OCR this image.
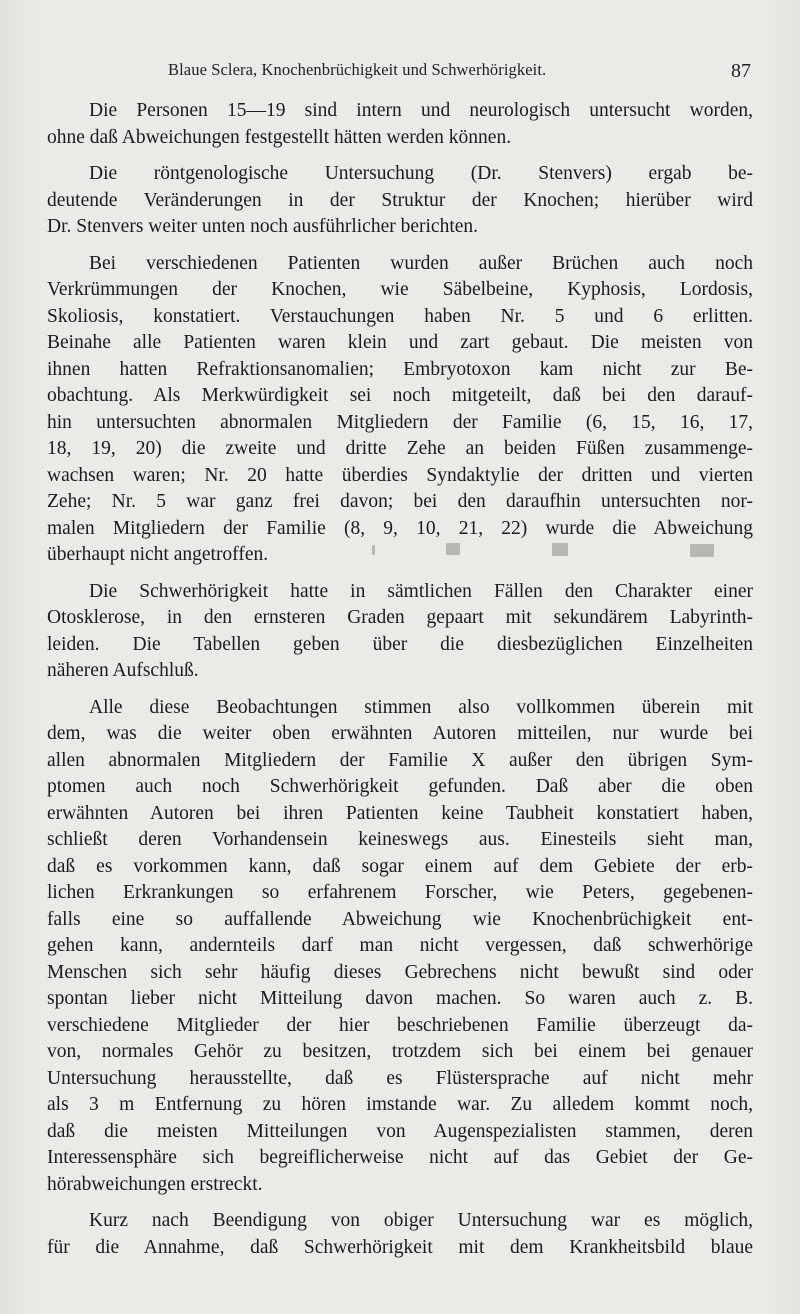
Blaue Sclera, Knochenbrüchigkeit und Schwerhörigkeit.	87

Die Personen 15—19 sind intern und neurologisch untersucht worden,
ohne daß Abweichungen festgestellt hätten werden können.

Die röntgenologische Untersuchung (Dr. Stenvers) ergab be-
deutende Veränderungen in der Struktur der Knochen; hierüber wird
Dr. Stenvers weiter unten noch ausführlicher berichten.

Bei verschiedenen Patienten wurden außer Brüchen auch noch
Verkrümmungen der Knochen, wie Säbelbeine, Kyphosis, Lordosis,
Skoliosis, konstatiert. Verstauchungen haben Nr. 5 und 6 erlitten.
Beinahe alle Patienten waren klein und zart gebaut. Die meisten von
ihnen hatten Refraktionsanomalien; Embryotoxon kam nicht zur Be-
obachtung. Als Merkwürdigkeit sei noch mitgeteilt, daß bei den darauf-
hin untersuchten abnormalen Mitgliedern der Familie (6, 15, 16, 17,
18, 19, 20) die zweite und dritte Zehe an beiden Füßen zusammenge-
wachsen waren; Nr. 20 hatte überdies Syndaktylie der dritten und vierten
Zehe; Nr. 5 war ganz frei davon; bei den daraufhin untersuchten nor-
malen Mitgliedern der Familie (8, 9, 10, 21, 22) wurde die Abweichung
überhaupt nicht angetroffen.

Die Schwerhörigkeit hatte in sämtlichen Fällen den Charakter einer
Otosklerose, in den ernsteren Graden gepaart mit sekundärem Labyrinth-
leiden. Die Tabellen geben über die diesbezüglichen Einzelheiten
näheren Aufschluß.

Alle diese Beobachtungen stimmen also vollkommen überein mit
dem, was die weiter oben erwähnten Autoren mitteilen, nur wurde bei
allen abnormalen Mitgliedern der Familie X außer den übrigen Sym-
ptomen auch noch Schwerhörigkeit gefunden. Daß aber die oben
erwähnten Autoren bei ihren Patienten keine Taubheit konstatiert haben,
schließt deren Vorhandensein keineswegs aus. Einesteils sieht man,
daß es vorkommen kann, daß sogar einem auf dem Gebiete der erb-
lichen Erkrankungen so erfahrenem Forscher, wie Peters, gegebenen-
falls eine so auffallende Abweichung wie Knochenbrüchigkeit ent-
gehen kann, andernteils darf man nicht vergessen, daß schwerhörige
Menschen sich sehr häufig dieses Gebrechens nicht bewußt sind oder
spontan lieber nicht Mitteilung davon machen. So waren auch z. B.
verschiedene Mitglieder der hier beschriebenen Familie überzeugt da-
von, normales Gehör zu besitzen, trotzdem sich bei einem bei genauer
Untersuchung herausstellte, daß es Flüstersprache auf nicht mehr
als 3 m Entfernung zu hören imstande war. Zu alledem kommt noch,
daß die meisten Mitteilungen von Augenspezialisten stammen, deren
Interessensphäre sich begreiflicherweise nicht auf das Gebiet der Ge-
hörabweichungen erstreckt.

Kurz nach Beendigung von obiger Untersuchung war es möglich,
für die Annahme, daß Schwerhörigkeit mit dem Krankheitsbild blaue
